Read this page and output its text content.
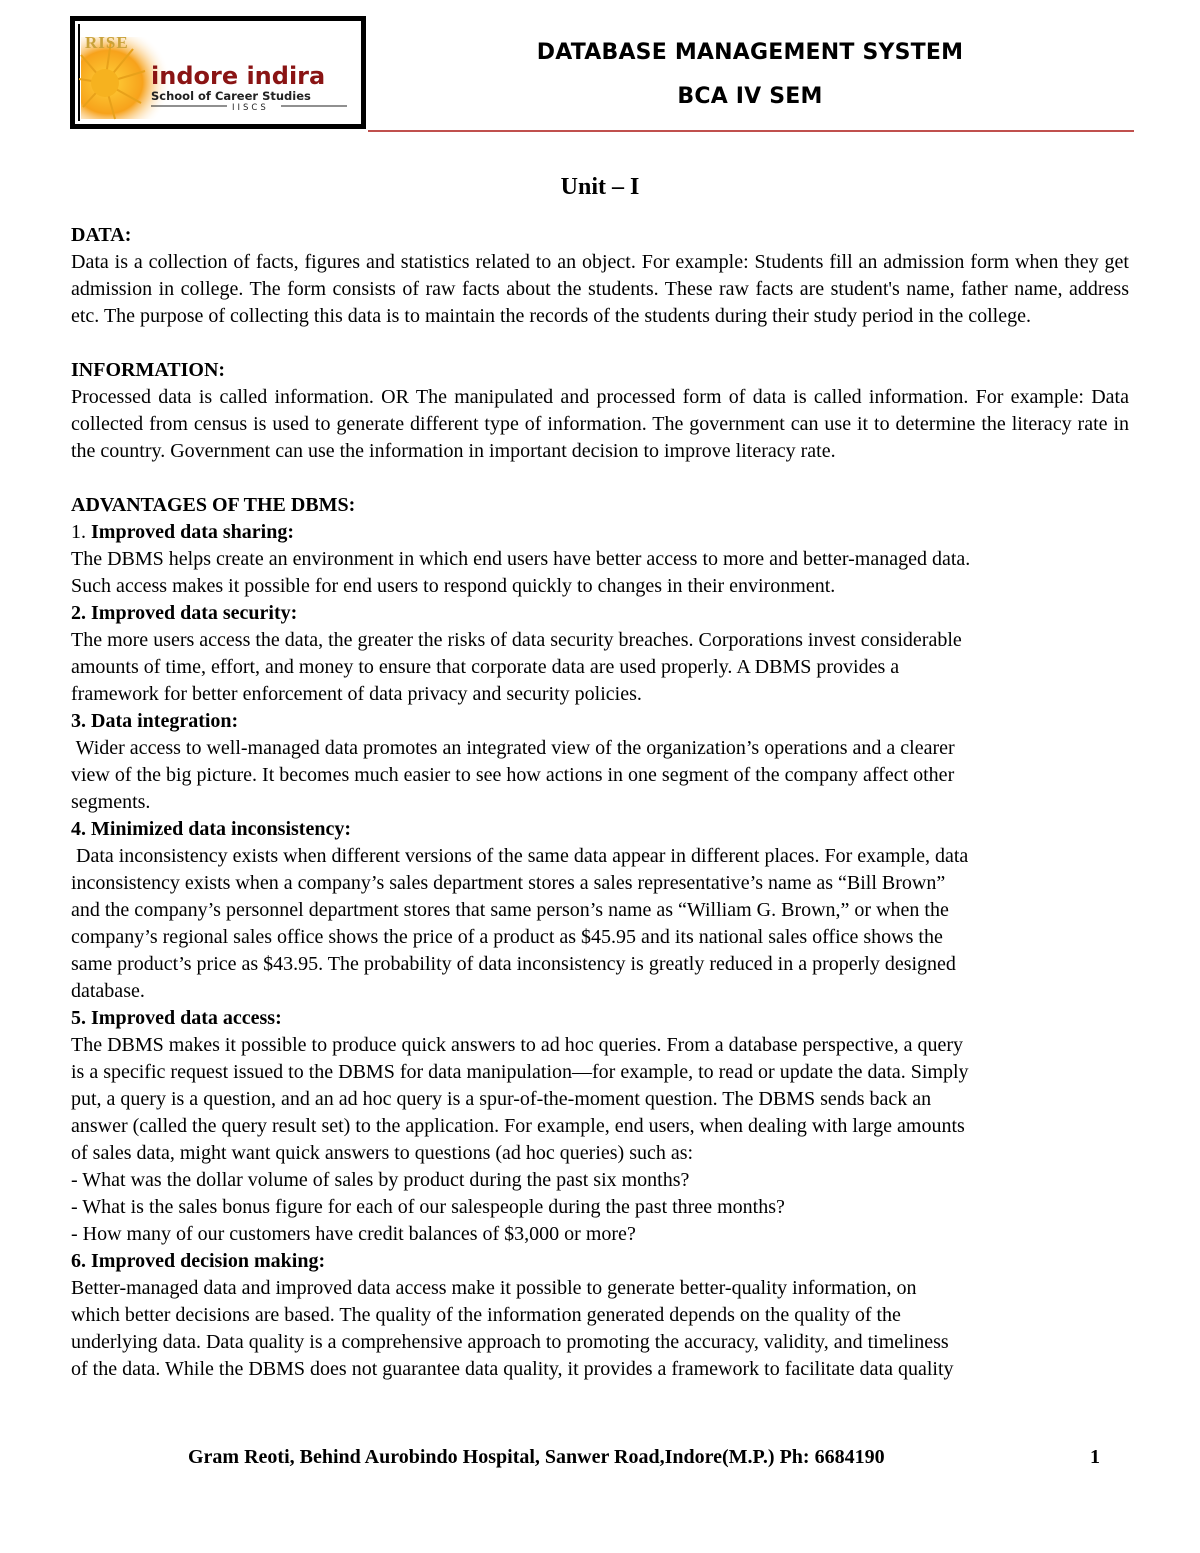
RISE
indore indira
School of Career Studies
IISCS
DATABASE MANAGEMENT SYSTEM
BCA IV SEM
Unit – I
DATA:
Data is a collection of facts, figures and statistics related to an object. For example: Students fill an admission form when they get admission in college. The form consists of raw facts about the students. These raw facts are student's name, father name, address etc. The purpose of collecting this data is to maintain the records of the students during their study period in the college.
INFORMATION:
Processed data is called information. OR The manipulated and processed form of data is called information. For example: Data collected from census is used to generate different type of information. The government can use it to determine the literacy rate in the country. Government can use the information in important decision to improve literacy rate.
ADVANTAGES OF THE DBMS:
1. Improved data sharing:
The DBMS helps create an environment in which end users have better access to more and better-managed data.
Such access makes it possible for end users to respond quickly to changes in their environment.
2. Improved data security:
The more users access the data, the greater the risks of data security breaches. Corporations invest considerable
amounts of time, effort, and money to ensure that corporate data are used properly. A DBMS provides a
framework for better enforcement of data privacy and security policies.
3. Data integration:
Wider access to well-managed data promotes an integrated view of the organization’s operations and a clearer
view of the big picture. It becomes much easier to see how actions in one segment of the company affect other
segments.
4. Minimized data inconsistency:
Data inconsistency exists when different versions of the same data appear in different places. For example, data
inconsistency exists when a company’s sales department stores a sales representative’s name as “Bill Brown”
and the company’s personnel department stores that same person’s name as “William G. Brown,” or when the
company’s regional sales office shows the price of a product as $45.95 and its national sales office shows the
same product’s price as $43.95. The probability of data inconsistency is greatly reduced in a properly designed
database.
5. Improved data access:
The DBMS makes it possible to produce quick answers to ad hoc queries. From a database perspective, a query
is a specific request issued to the DBMS for data manipulation—for example, to read or update the data. Simply
put, a query is a question, and an ad hoc query is a spur-of-the-moment question. The DBMS sends back an
answer (called the query result set) to the application. For example, end users, when dealing with large amounts
of sales data, might want quick answers to questions (ad hoc queries) such as:
- What was the dollar volume of sales by product during the past six months?
- What is the sales bonus figure for each of our salespeople during the past three months?
- How many of our customers have credit balances of $3,000 or more?
6. Improved decision making:
Better-managed data and improved data access make it possible to generate better-quality information, on
which better decisions are based. The quality of the information generated depends on the quality of the
underlying data. Data quality is a comprehensive approach to promoting the accuracy, validity, and timeliness
of the data. While the DBMS does not guarantee data quality, it provides a framework to facilitate data quality
Gram Reoti, Behind Aurobindo Hospital, Sanwer Road,Indore(M.P.) Ph: 6684190	1
